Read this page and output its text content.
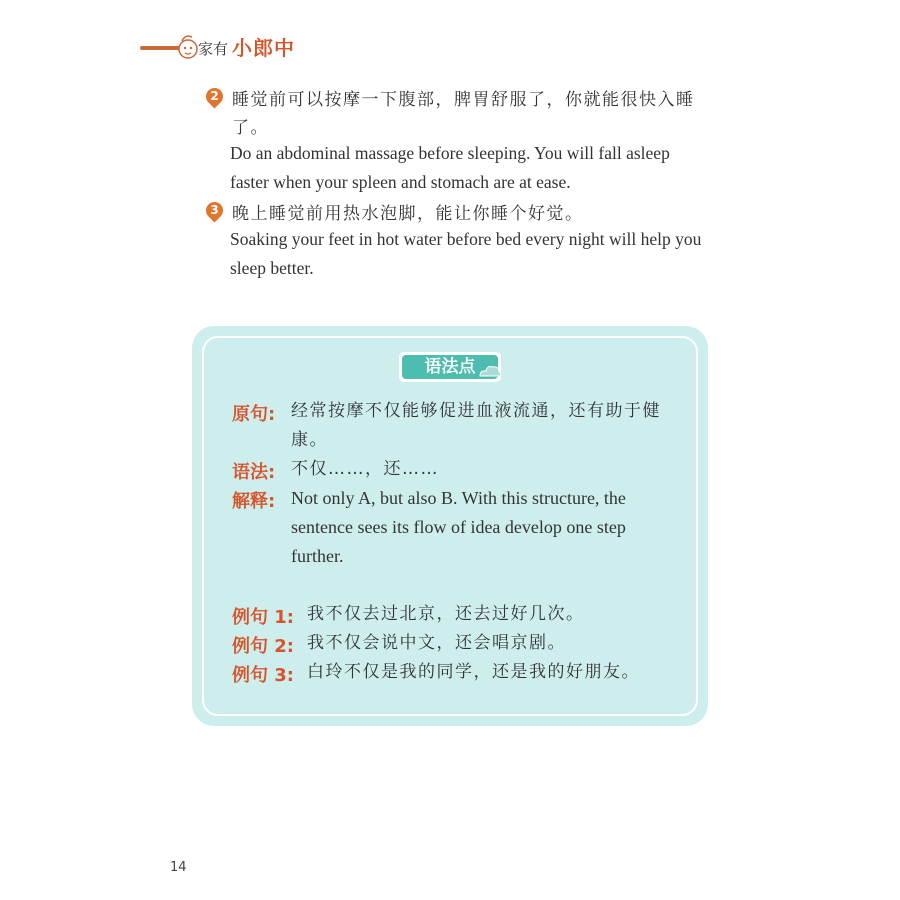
家有 小郎中
2 睡觉前可以按摩一下腹部，脾胃舒服了，你就能很快入睡了。
Do an abdominal massage before sleeping. You will fall asleep faster when your spleen and stomach are at ease.
3 晚上睡觉前用热水泡脚，能让你睡个好觉。
Soaking your feet in hot water before bed every night will help you sleep better.
语法点
原句: 经常按摩不仅能够促进血液流通，还有助于健康。
语法: 不仅……，还……
解释: Not only A, but also B. With this structure, the sentence sees its flow of idea develop one step further.
例句 1: 我不仅去过北京，还去过好几次。
例句 2: 我不仅会说中文，还会唱京剧。
例句 3: 白玲不仅是我的同学，还是我的好朋友。
14
